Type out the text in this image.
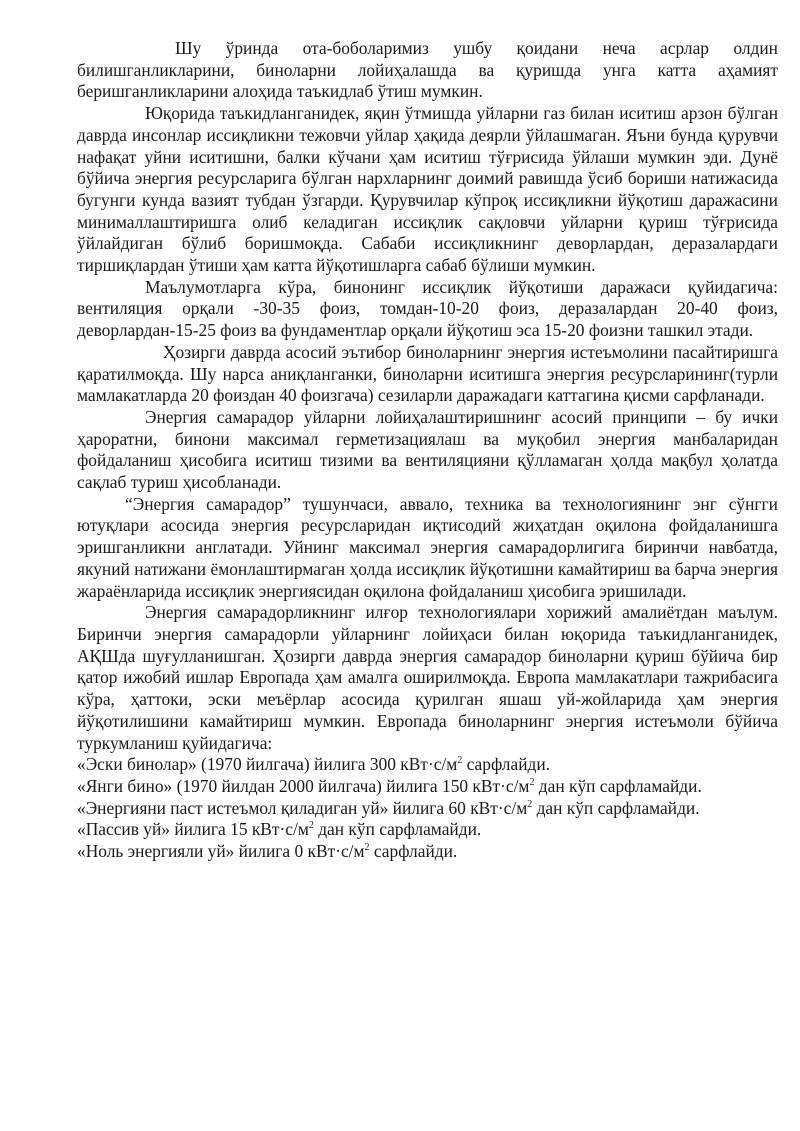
Шу ўринда ота-боболаримиз ушбу қоидани неча асрлар олдин билишганликларини, биноларни лойиҳалашда ва қуришда унга катта аҳамият беришганликларини алоҳида таъкидлаб ўтиш мумкин.

Юқорида таъкидланганидек, яқин ўтмишда уйларни газ билан иситиш арзон бўлган даврда инсонлар иссиқликни тежовчи уйлар ҳақида деярли ўйлашмаган. Яъни бунда қурувчи нафақат уйни иситишни, балки кўчани ҳам иситиш тўғрисида ўйлаши мумкин эди. Дунё бўйича энергия ресурсларига бўлган нархларнинг доимий равишда ўсиб бориши натижасида бугунги кунда вазият тубдан ўзгарди. Қурувчилар кўпроқ иссиқликни йўқотиш даражасини минималлаштиришга олиб келадиган иссиқлик сақловчи уйларни қуриш тўғрисида ўйлайдиган бўлиб боришмоқда. Сабаби иссиқликнинг деворлардан, деразалардаги тиршиқлардан ўтиши ҳам катта йўқотишларга сабаб бўлиши мумкин.

Маълумотларга кўра, бинонинг иссиқлик йўқотиши даражаси қуйидагича: вентиляция орқали -30-35 фоиз, томдан-10-20 фоиз, деразалардан 20-40 фоиз, деворлардан-15-25 фоиз ва фундаментлар орқали йўқотиш эса 15-20 фоизни ташкил этади.

Ҳозирги даврда асосий эътибор биноларнинг энергия истеъмолини пасайтиришга қаратилмоқда. Шу нарса аниқланганки, биноларни иситишга энергия ресурсларининг(турли мамлакатларда 20 фоиздан 40 фоизгача) сезиларли даражадаги каттагина қисми сарфланади.

Энергия самарадор уйларни лойиҳалаштиришнинг асосий принципи – бу ички ҳароратни, бинони максимал герметизациялаш ва муқобил энергия манбаларидан фойдаланиш ҳисобига иситиш тизими ва вентиляцияни қўлламаган ҳолда мақбул ҳолатда сақлаб туриш ҳисобланади.

“Энергия самарадор” тушунчаси, аввало, техника ва технологиянинг энг сўнгги ютуқлари асосида энергия ресурсларидан иқтисодий жиҳатдан оқилона фойдаланишга эришганликни англатади. Уйнинг максимал энергия самарадорлигига биринчи навбатда, якуний натижани ёмонлаштирмаган ҳолда иссиқлик йўқотишни камайтириш ва барча энергия жараёнларида иссиқлик энергиясидан оқилона фойдаланиш ҳисобига эришилади.

Энергия самарадорликнинг илғор технологиялари хорижий амалиётдан маълум. Биринчи энергия самарадорли уйларнинг лойиҳаси билан юқорида таъкидланганидек, АҚШда шуғулланишган. Ҳозирги даврда энергия самарадор биноларни қуриш бўйича бир қатор ижобий ишлар Европада ҳам амалга оширилмоқда. Европа мамлакатлари тажрибасига кўра, ҳаттоки, эски меъёрлар асосида қурилган яшаш уй-жойларида ҳам энергия йўқотилишини камайтириш мумкин. Европада биноларнинг энергия истеъмоли бўйича туркумланиш қуйидагича:

«Эски бинолар» (1970 йилгача) йилига 300 $кВт\cdot с/м^2$ сарфлайди.

«Янги бино» (1970 йилдан 2000 йилгача) йилига 150 $кВт\cdot с/м^2$ дан кўп сарфламайди.

«Энергияни паст истеъмол қиладиган уй» йилига 60 $кВт\cdot с/м^2$ дан кўп сарфламайди.

«Пассив уй» йилига 15 $кВт\cdot с/м^2$ дан кўп сарфламайди.

«Ноль энергияли уй» йилига 0 $кВт\cdot с/м^2$ сарфлайди.
